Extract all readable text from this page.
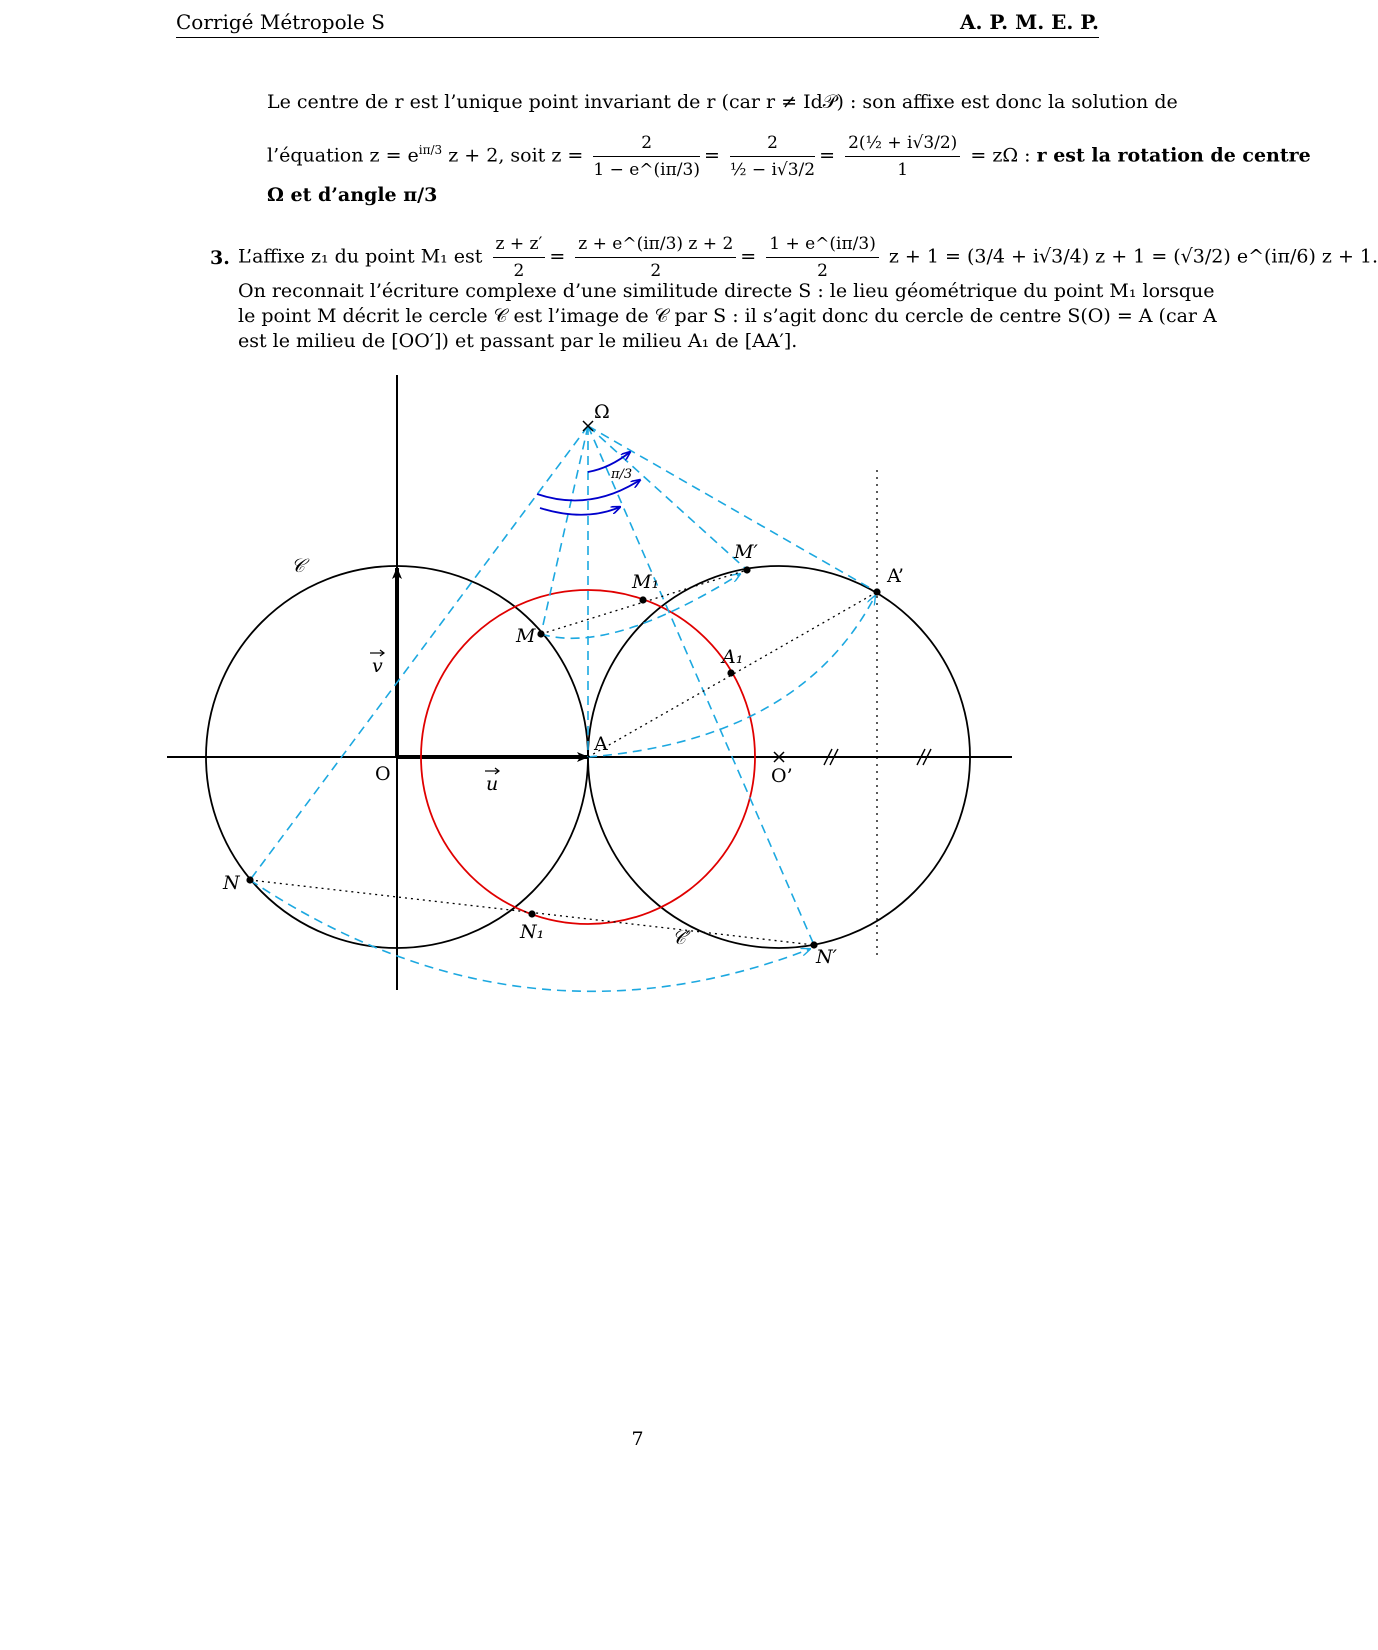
Corrigé Métropole S	A. P. M. E. P.
Le centre de r est l’unique point invariant de r (car r ≠ Id𝒫) : son affixe est donc la solution de
l’équation $z = e^{i\pi/3}$ z + 2, soit $z = \frac{2}{1 - e\^{}(i\pi/3)} = \frac{2}{\text{½ − i√3/2}} = \frac{\text{2(½ + i√3/2)}}{1} = z\Omega$ : r est la rotation de centre
Ω et d’angle π/3
3. L’affixe z₁ du point M₁ est $\frac{z + z'}{2} = \frac{z + e\^{}(i\pi/3) z + 2}{2} = \frac{1 + e\^{}(i\pi/3)}{2}$ z + 1 = (3/4 + i√3/4) z + 1 = (√3/2) e^(iπ/6) z + 1.
On reconnait l’écriture complexe d’une similitude directe S : le lieu géométrique du point M₁ lorsque
le point M décrit le cercle 𝒞 est l’image de 𝒞 par S : il s’agit donc du cercle de centre S(O) = A (car A
est le milieu de [OO′]) et passant par le milieu A₁ de [AA′].
Ω
π/3
𝒞
𝒞′
M
M₁
M′
A’
A₁
A
O	O’
u
v
N
N₁
N′
7
